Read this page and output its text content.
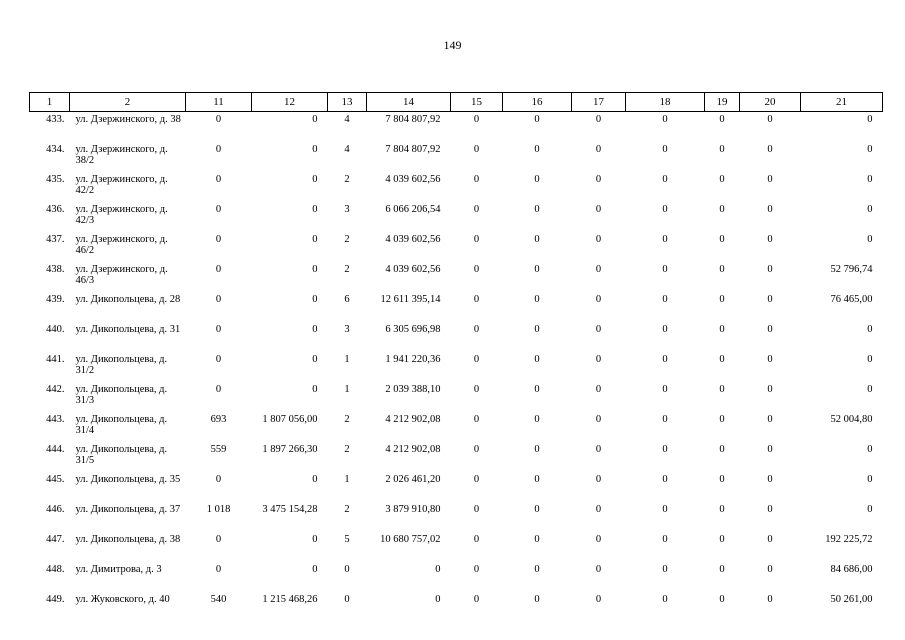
149
1	2	11	12	13	14	15	16	17	18	19	20	21
433.	ул. Дзержинского, д. 38	0	0	4	7 804 807,92	0	0	0	0	0	0	0
434.	ул. Дзержинского, д. 38/2	0	0	4	7 804 807,92	0	0	0	0	0	0	0
435.	ул. Дзержинского, д. 42/2	0	0	2	4 039 602,56	0	0	0	0	0	0	0
436.	ул. Дзержинского, д. 42/3	0	0	3	6 066 206,54	0	0	0	0	0	0	0
437.	ул. Дзержинского, д. 46/2	0	0	2	4 039 602,56	0	0	0	0	0	0	0
438.	ул. Дзержинского, д. 46/3	0	0	2	4 039 602,56	0	0	0	0	0	0	52 796,74
439.	ул. Дикопольцева, д. 28	0	0	6	12 611 395,14	0	0	0	0	0	0	76 465,00
440.	ул. Дикопольцева, д. 31	0	0	3	6 305 696,98	0	0	0	0	0	0	0
441.	ул. Дикопольцева, д. 31/2	0	0	1	1 941 220,36	0	0	0	0	0	0	0
442.	ул. Дикопольцева, д. 31/3	0	0	1	2 039 388,10	0	0	0	0	0	0	0
443.	ул. Дикопольцева, д. 31/4	693	1 807 056,00	2	4 212 902,08	0	0	0	0	0	0	52 004,80
444.	ул. Дикопольцева, д. 31/5	559	1 897 266,30	2	4 212 902,08	0	0	0	0	0	0	0
445.	ул. Дикопольцева, д. 35	0	0	1	2 026 461,20	0	0	0	0	0	0	0
446.	ул. Дикопольцева, д. 37	1 018	3 475 154,28	2	3 879 910,80	0	0	0	0	0	0	0
447.	ул. Дикопольцева, д. 38	0	0	5	10 680 757,02	0	0	0	0	0	0	192 225,72
448.	ул. Димитрова, д. 3	0	0	0	0	0	0	0	0	0	0	84 686,00
449.	ул. Жуковского, д. 40	540	1 215 468,26	0	0	0	0	0	0	0	0	50 261,00
